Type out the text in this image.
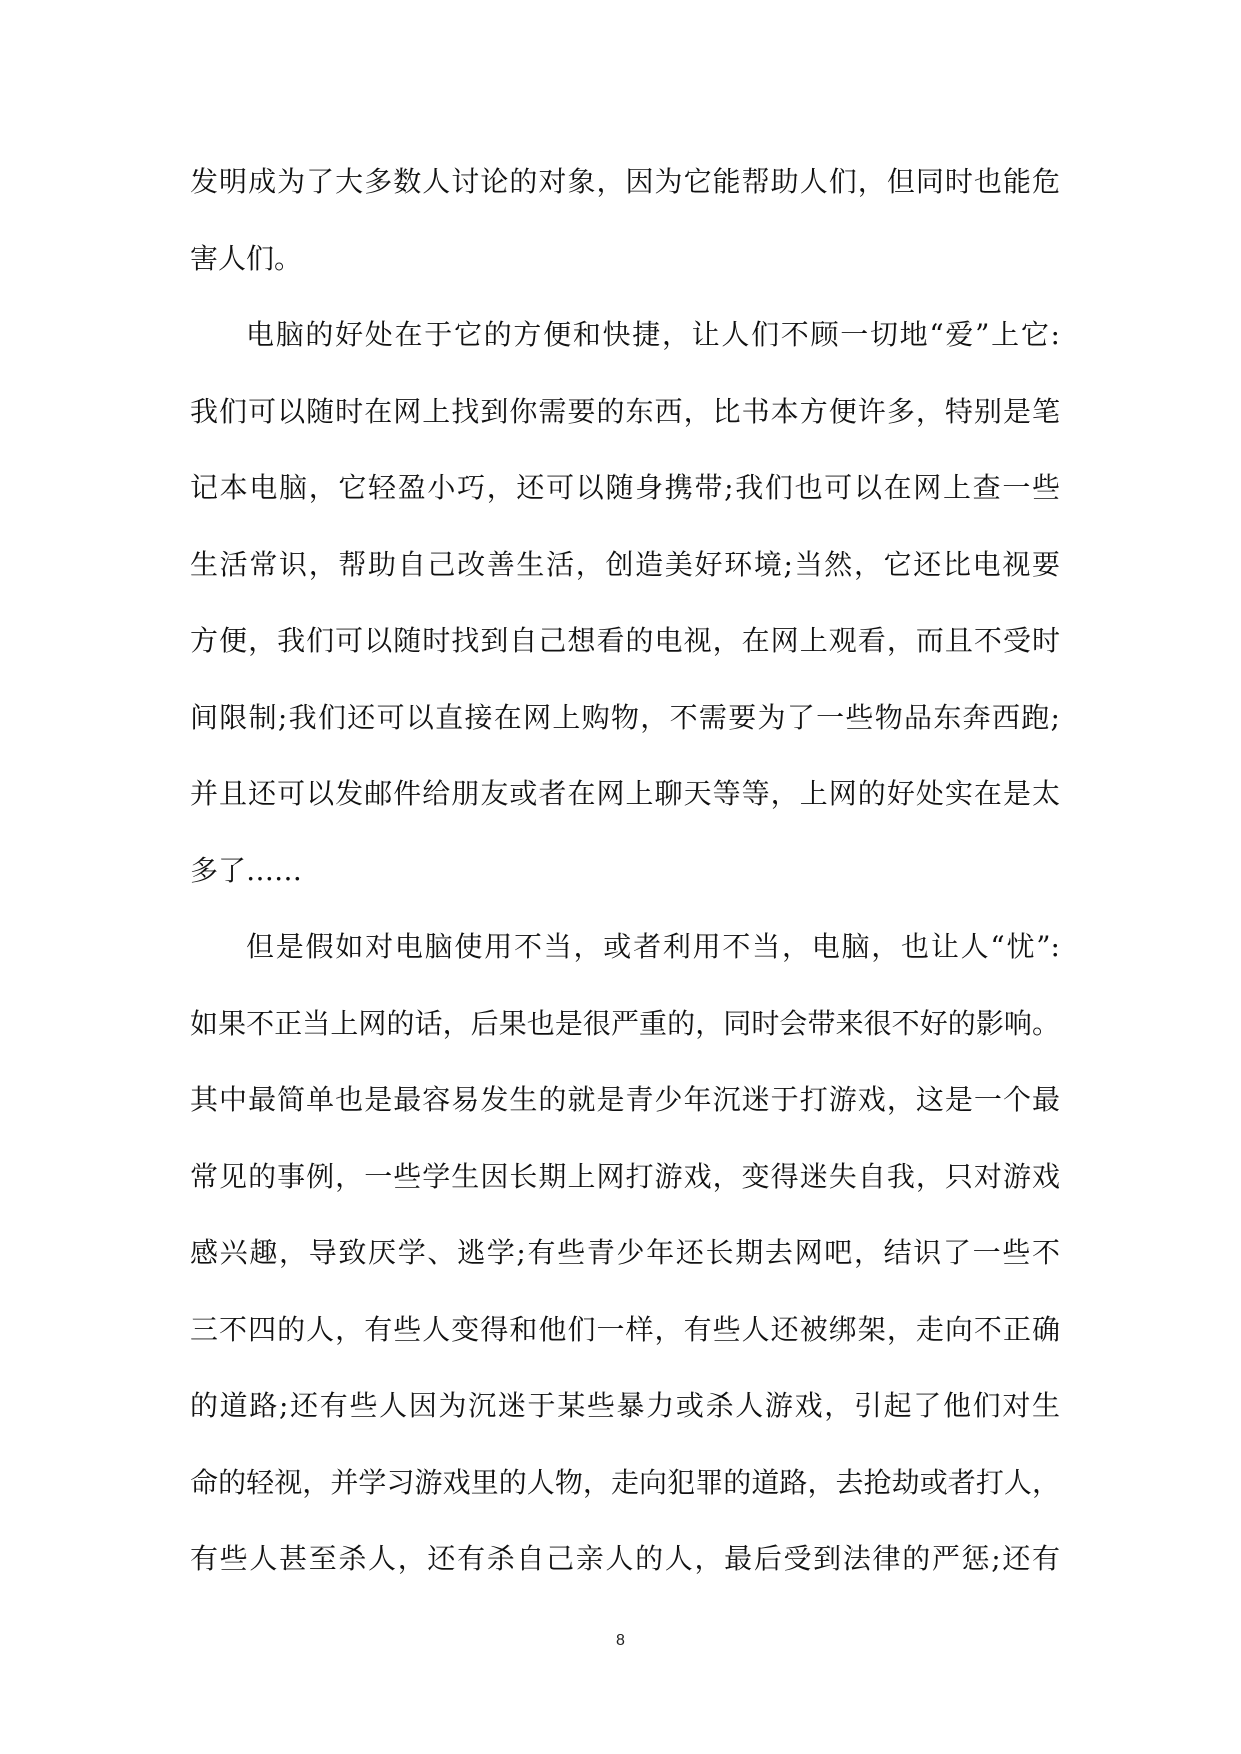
发明成为了大多数人讨论的对象，因为它能帮助人们，但同时也能危
害人们。
电脑的好处在于它的方便和快捷，让人们不顾一切地“爱”上它:
我们可以随时在网上找到你需要的东西，比书本方便许多，特别是笔
记本电脑，它轻盈小巧，还可以随身携带;我们也可以在网上查一些
生活常识，帮助自己改善生活，创造美好环境;当然，它还比电视要
方便，我们可以随时找到自己想看的电视，在网上观看，而且不受时
间限制;我们还可以直接在网上购物，不需要为了一些物品东奔西跑;
并且还可以发邮件给朋友或者在网上聊天等等，上网的好处实在是太
多了……
但是假如对电脑使用不当，或者利用不当，电脑，也让人“忧”:
如果不正当上网的话，后果也是很严重的，同时会带来很不好的影响。
其中最简单也是最容易发生的就是青少年沉迷于打游戏，这是一个最
常见的事例，一些学生因长期上网打游戏，变得迷失自我，只对游戏
感兴趣，导致厌学、逃学;有些青少年还长期去网吧，结识了一些不
三不四的人，有些人变得和他们一样，有些人还被绑架，走向不正确
的道路;还有些人因为沉迷于某些暴力或杀人游戏，引起了他们对生
命的轻视，并学习游戏里的人物，走向犯罪的道路，去抢劫或者打人，
有些人甚至杀人，还有杀自己亲人的人，最后受到法律的严惩;还有
8
